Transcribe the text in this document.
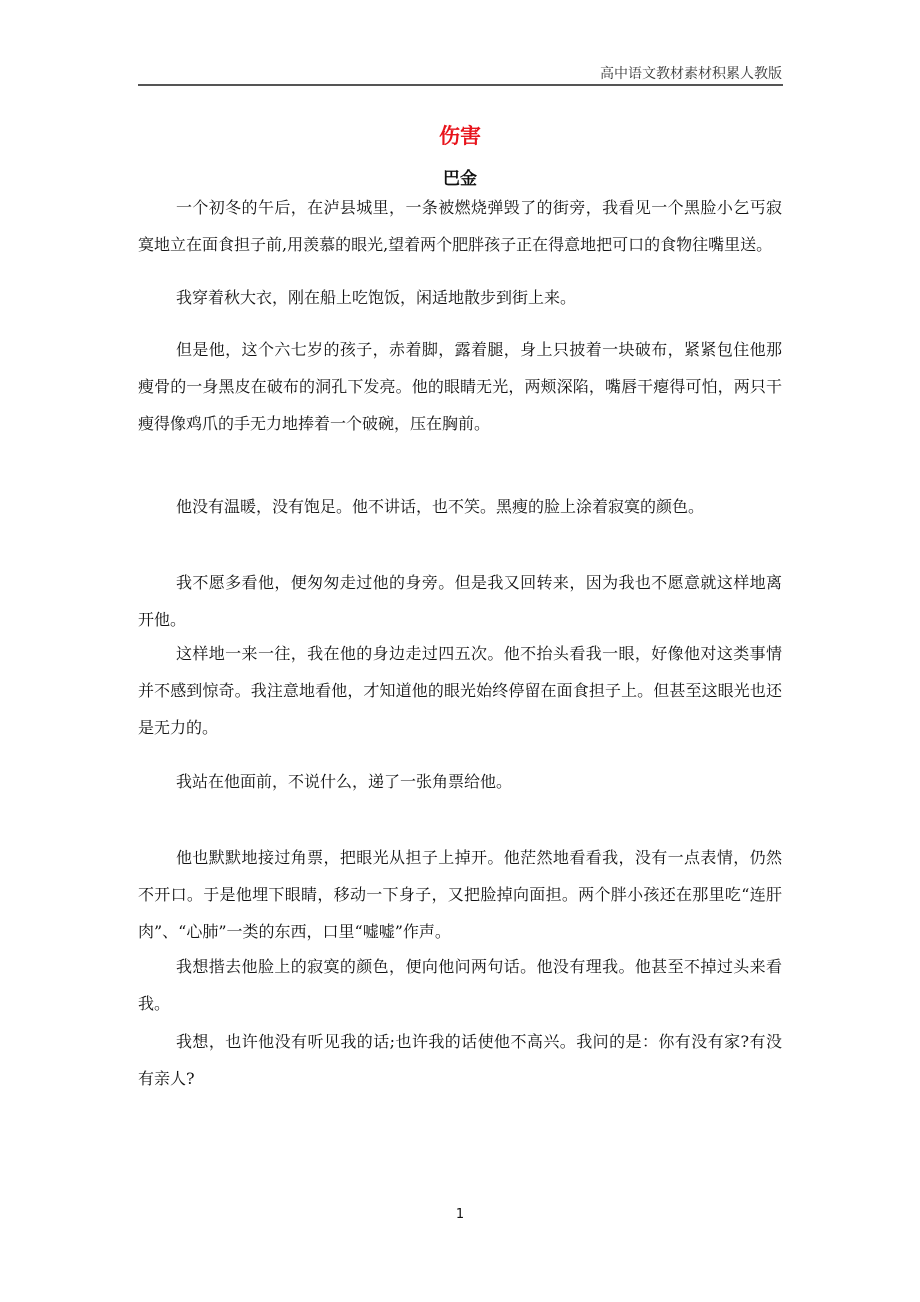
高中语文教材素材积累人教版
伤害
巴金
一个初冬的午后，在泸县城里，一条被燃烧弹毁了的街旁，我看见一个黑脸小乞丐寂
寞地立在面食担子前,用羡慕的眼光,望着两个肥胖孩子正在得意地把可口的食物往嘴里送。
我穿着秋大衣，刚在船上吃饱饭，闲适地散步到街上来。
但是他，这个六七岁的孩子，赤着脚，露着腿，身上只披着一块破布，紧紧包住他那
瘦骨的一身黑皮在破布的洞孔下发亮。他的眼睛无光，两颊深陷，嘴唇干瘪得可怕，两只干
瘦得像鸡爪的手无力地捧着一个破碗，压在胸前。
他没有温暖，没有饱足。他不讲话，也不笑。黑瘦的脸上涂着寂寞的颜色。
我不愿多看他，便匆匆走过他的身旁。但是我又回转来，因为我也不愿意就这样地离
开他。
这样地一来一往，我在他的身边走过四五次。他不抬头看我一眼，好像他对这类事情
并不感到惊奇。我注意地看他，才知道他的眼光始终停留在面食担子上。但甚至这眼光也还
是无力的。
我站在他面前，不说什么，递了一张角票给他。
他也默默地接过角票，把眼光从担子上掉开。他茫然地看看我，没有一点表情，仍然
不开口。于是他埋下眼睛，移动一下身子，又把脸掉向面担。两个胖小孩还在那里吃“连肝
肉”、“心肺”一类的东西，口里“嘘嘘”作声。
我想揩去他脸上的寂寞的颜色，便向他问两句话。他没有理我。他甚至不掉过头来看
我。
我想，也许他没有听见我的话;也许我的话使他不高兴。我问的是：你有没有家?有没
有亲人?
1
